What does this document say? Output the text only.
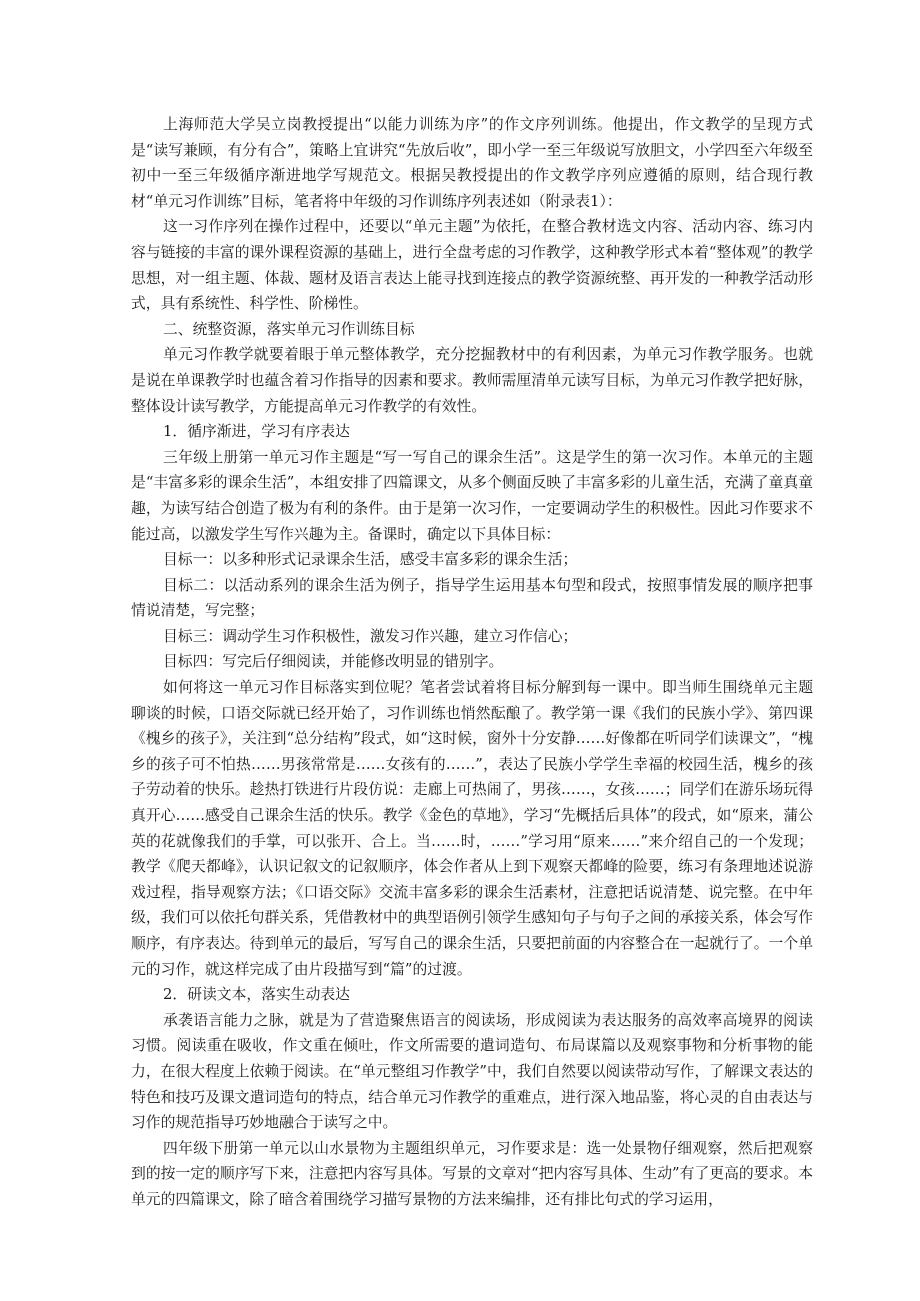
上海师范大学吴立岗教授提出“以能力训练为序”的作文序列训练。他提出，作文教学的呈现方式是“读写兼顾，有分有合”，策略上宜讲究“先放后收”，即小学一至三年级说写放胆文，小学四至六年级至初中一至三年级循序渐进地学写规范文。根据吴教授提出的作文教学序列应遵循的原则，结合现行教材“单元习作训练”目标，笔者将中年级的习作训练序列表述如（附录表1）：

这一习作序列在操作过程中，还要以“单元主题”为依托，在整合教材选文内容、活动内容、练习内容与链接的丰富的课外课程资源的基础上，进行全盘考虑的习作教学，这种教学形式本着“整体观”的教学思想，对一组主题、体裁、题材及语言表达上能寻找到连接点的教学资源统整、再开发的一种教学活动形式，具有系统性、科学性、阶梯性。

二、统整资源，落实单元习作训练目标

单元习作教学就要着眼于单元整体教学，充分挖掘教材中的有利因素，为单元习作教学服务。也就是说在单课教学时也蕴含着习作指导的因素和要求。教师需厘清单元读写目标，为单元习作教学把好脉，整体设计读写教学，方能提高单元习作教学的有效性。

1．循序渐进，学习有序表达

三年级上册第一单元习作主题是“写一写自己的课余生活”。这是学生的第一次习作。本单元的主题是“丰富多彩的课余生活”，本组安排了四篇课文，从多个侧面反映了丰富多彩的儿童生活，充满了童真童趣，为读写结合创造了极为有利的条件。由于是第一次习作，一定要调动学生的积极性。因此习作要求不能过高，以激发学生写作兴趣为主。备课时，确定以下具体目标：

目标一：以多种形式记录课余生活，感受丰富多彩的课余生活；

目标二：以活动系列的课余生活为例子，指导学生运用基本句型和段式，按照事情发展的顺序把事情说清楚，写完整；

目标三：调动学生习作积极性，激发习作兴趣，建立习作信心；

目标四：写完后仔细阅读，并能修改明显的错别字。

如何将这一单元习作目标落实到位呢？笔者尝试着将目标分解到每一课中。即当师生围绕单元主题聊谈的时候，口语交际就已经开始了，习作训练也悄然酝酿了。教学第一课《我们的民族小学》、第四课《槐乡的孩子》，关注到“总分结构”段式，如“这时候，窗外十分安静……好像都在听同学们读课文”，“槐乡的孩子可不怕热……男孩常常是……女孩有的……”，表达了民族小学学生幸福的校园生活，槐乡的孩子劳动着的快乐。趁热打铁进行片段仿说：走廊上可热闹了，男孩……，女孩……；同学们在游乐场玩得真开心……感受自己课余生活的快乐。教学《金色的草地》，学习“先概括后具体”的段式，如“原来，蒲公英的花就像我们的手掌，可以张开、合上。当……时，……”学习用“原来……”来介绍自己的一个发现；教学《爬天都峰》，认识记叙文的记叙顺序，体会作者从上到下观察天都峰的险要，练习有条理地述说游戏过程，指导观察方法；《口语交际》交流丰富多彩的课余生活素材，注意把话说清楚、说完整。在中年级，我们可以依托句群关系，凭借教材中的典型语例引领学生感知句子与句子之间的承接关系，体会写作顺序，有序表达。待到单元的最后，写写自己的课余生活，只要把前面的内容整合在一起就行了。一个单元的习作，就这样完成了由片段描写到“篇”的过渡。

2．研读文本，落实生动表达

承袭语言能力之脉，就是为了营造聚焦语言的阅读场，形成阅读为表达服务的高效率高境界的阅读习惯。阅读重在吸收，作文重在倾吐，作文所需要的遣词造句、布局谋篇以及观察事物和分析事物的能力，在很大程度上依赖于阅读。在“单元整组习作教学”中，我们自然要以阅读带动写作，了解课文表达的特色和技巧及课文遣词造句的特点，结合单元习作教学的重难点，进行深入地品鉴，将心灵的自由表达与习作的规范指导巧妙地融合于读写之中。

四年级下册第一单元以山水景物为主题组织单元，习作要求是：选一处景物仔细观察，然后把观察到的按一定的顺序写下来，注意把内容写具体。写景的文章对“把内容写具体、生动”有了更高的要求。本单元的四篇课文，除了暗含着围绕学习描写景物的方法来编排，还有排比句式的学习运用，
